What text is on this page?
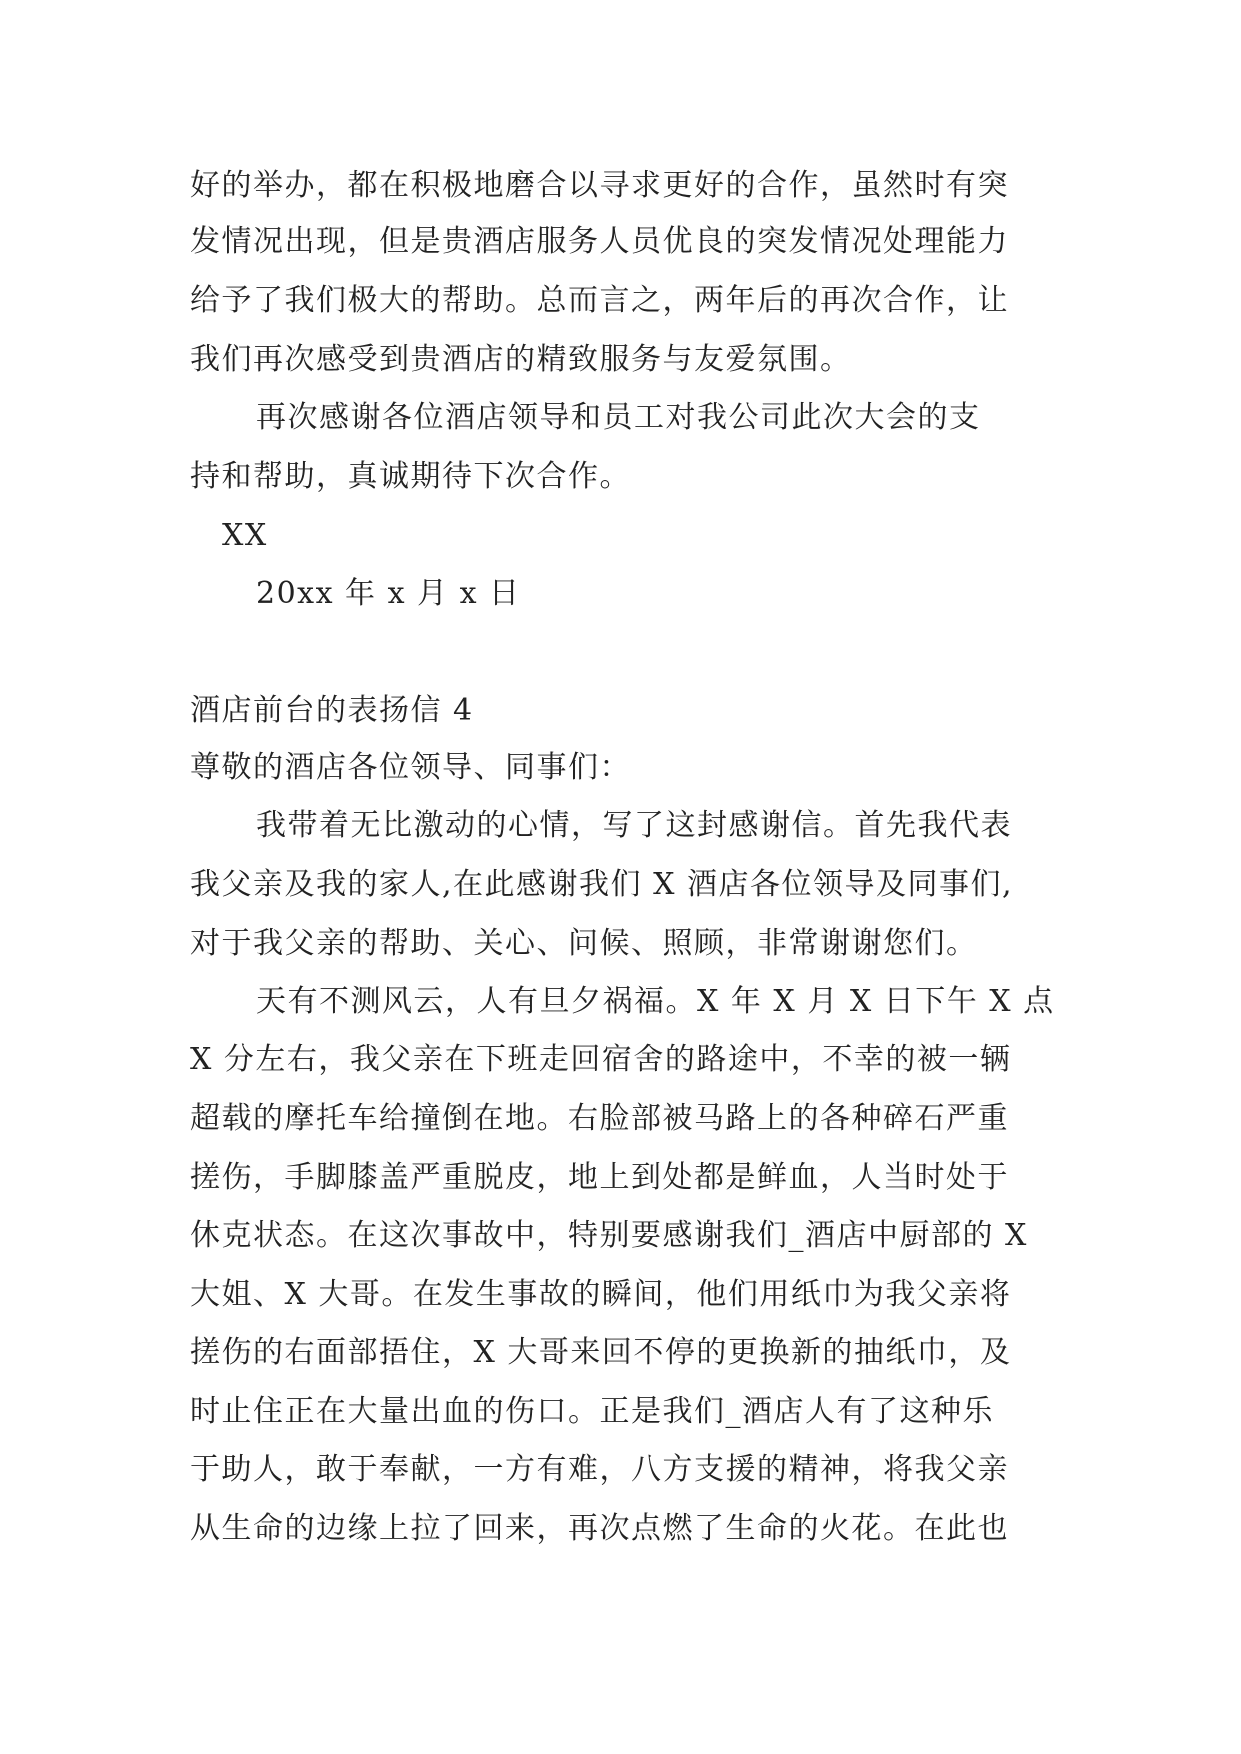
好的举办，都在积极地磨合以寻求更好的合作，虽然时有突
发情况出现，但是贵酒店服务人员优良的突发情况处理能力
给予了我们极大的帮助。总而言之，两年后的再次合作，让
我们再次感受到贵酒店的精致服务与友爱氛围。
再次感谢各位酒店领导和员工对我公司此次大会的支
持和帮助，真诚期待下次合作。
XX
20xx 年 x 月 x 日
酒店前台的表扬信 4
尊敬的酒店各位领导、同事们：
我带着无比激动的心情，写了这封感谢信。首先我代表
我父亲及我的家人,在此感谢我们 X 酒店各位领导及同事们,
对于我父亲的帮助、关心、问候、照顾，非常谢谢您们。
天有不测风云，人有旦夕祸福。X 年 X 月 X 日下午 X 点
X 分左右，我父亲在下班走回宿舍的路途中，不幸的被一辆
超载的摩托车给撞倒在地。右脸部被马路上的各种碎石严重
搓伤，手脚膝盖严重脱皮，地上到处都是鲜血，人当时处于
休克状态。在这次事故中，特别要感谢我们_酒店中厨部的 X
大姐、X 大哥。在发生事故的瞬间，他们用纸巾为我父亲将
搓伤的右面部捂住，X 大哥来回不停的更换新的抽纸巾，及
时止住正在大量出血的伤口。正是我们_酒店人有了这种乐
于助人，敢于奉献，一方有难，八方支援的精神，将我父亲
从生命的边缘上拉了回来，再次点燃了生命的火花。在此也
